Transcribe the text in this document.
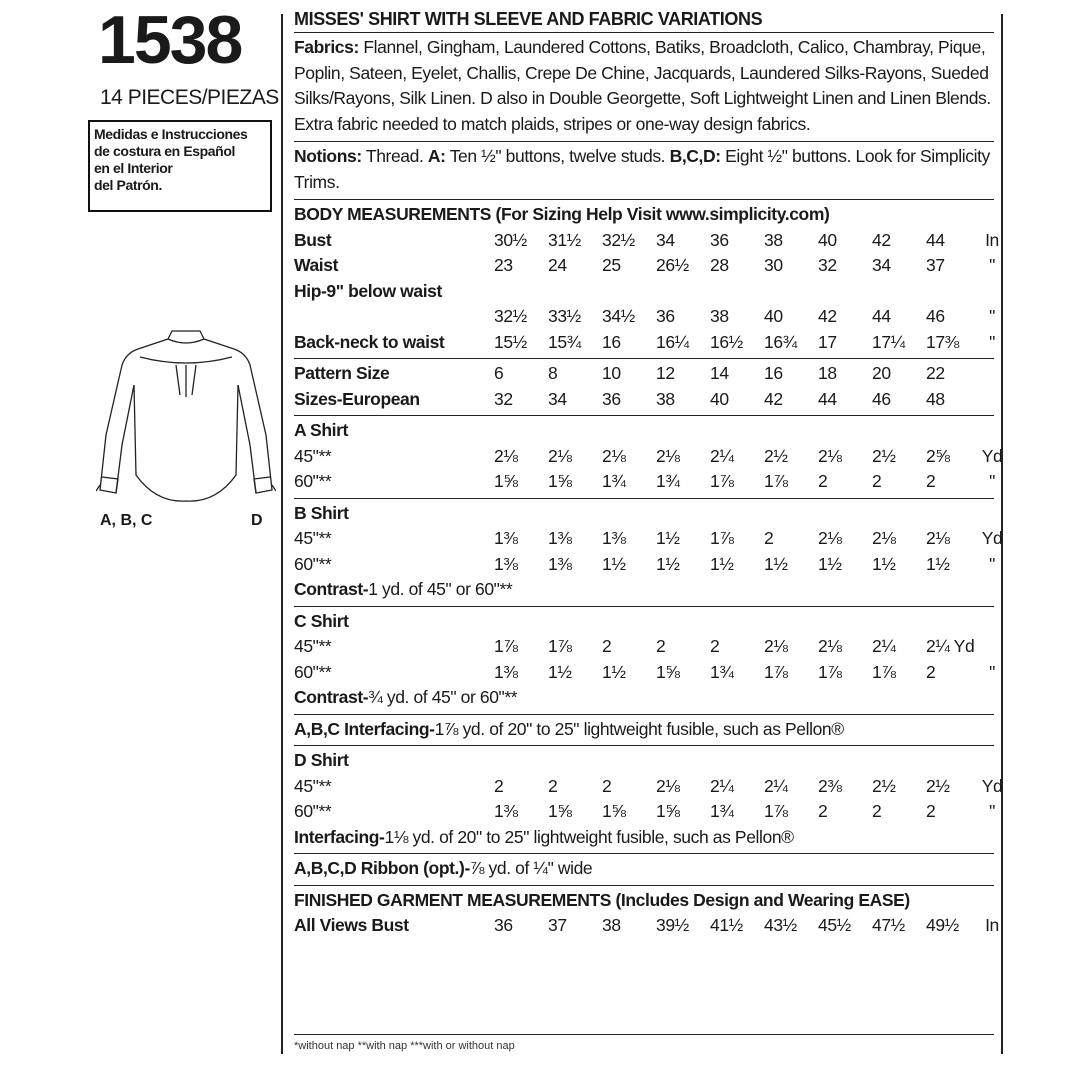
1538
14 PIECES/PIEZAS
Medidas e Instrucciones
de costura en Español
en el Interior
del Patrón.
A, B, C	D
MISSES' SHIRT WITH SLEEVE AND FABRIC VARIATIONS
Fabrics: Flannel, Gingham, Laundered Cottons, Batiks, Broadcloth, Calico, Chambray, Pique, Poplin, Sateen, Eyelet, Challis, Crepe De Chine, Jacquards, Laundered Silks-Rayons, Sueded Silks/Rayons, Silk Linen. D also in Double Georgette, Soft Lightweight Linen and Linen Blends. Extra fabric needed to match plaids, stripes or one-way design fabrics.
Notions: Thread. A: Ten ½" buttons, twelve studs. B,C,D: Eight ½" buttons. Look for Simplicity Trims.
BODY MEASUREMENTS (For Sizing Help Visit www.simplicity.com)
Bust	30½	31½	32½	34	36	38	40	42	44	In
Waist	23	24	25	26½	28	30	32	34	37	"
Hip-9" below waist
32½	33½	34½	36	38	40	42	44	46	"
Back-neck to waist	15½	15¾	16	16¼	16½	16¾	17	17¼	17⅜	"
Pattern Size	6	8	10	12	14	16	18	20	22
Sizes-European	32	34	36	38	40	42	44	46	48
A Shirt
45"**	2⅛	2⅛	2⅛	2⅛	2¼	2½	2⅛	2½	2⅝	Yd
60"**	1⅝	1⅝	1¾	1¾	1⅞	1⅞	2	2	2	"
B Shirt
45"**	1⅜	1⅜	1⅜	1½	1⅞	2	2⅛	2⅛	2⅛	Yd
60"**	1⅜	1⅜	1½	1½	1½	1½	1½	1½	1½	"
Contrast- 1 yd. of 45" or 60"**
C Shirt
45"**	1⅞	1⅞	2	2	2	2⅛	2⅛	2¼	2¼ Yd
60"**	1⅜	1½	1½	1⅝	1¾	1⅞	1⅞	1⅞	2	"
Contrast- ¾ yd. of 45" or 60"**
A,B,C Interfacing- 1⅞ yd. of 20" to 25" lightweight fusible, such as Pellon®
D Shirt
45"**	2	2	2	2⅛	2¼	2¼	2⅜	2½	2½	Yd
60"**	1⅜	1⅝	1⅝	1⅝	1¾	1⅞	2	2	2	"
Interfacing- 1⅛ yd. of 20" to 25" lightweight fusible, such as Pellon®
A,B,C,D Ribbon (opt.)- ⅞ yd. of ¼" wide
FINISHED GARMENT MEASUREMENTS (Includes Design and Wearing EASE)
All Views Bust	36	37	38	39½	41½	43½	45½	47½	49½	In
*without nap **with nap ***with or without nap
